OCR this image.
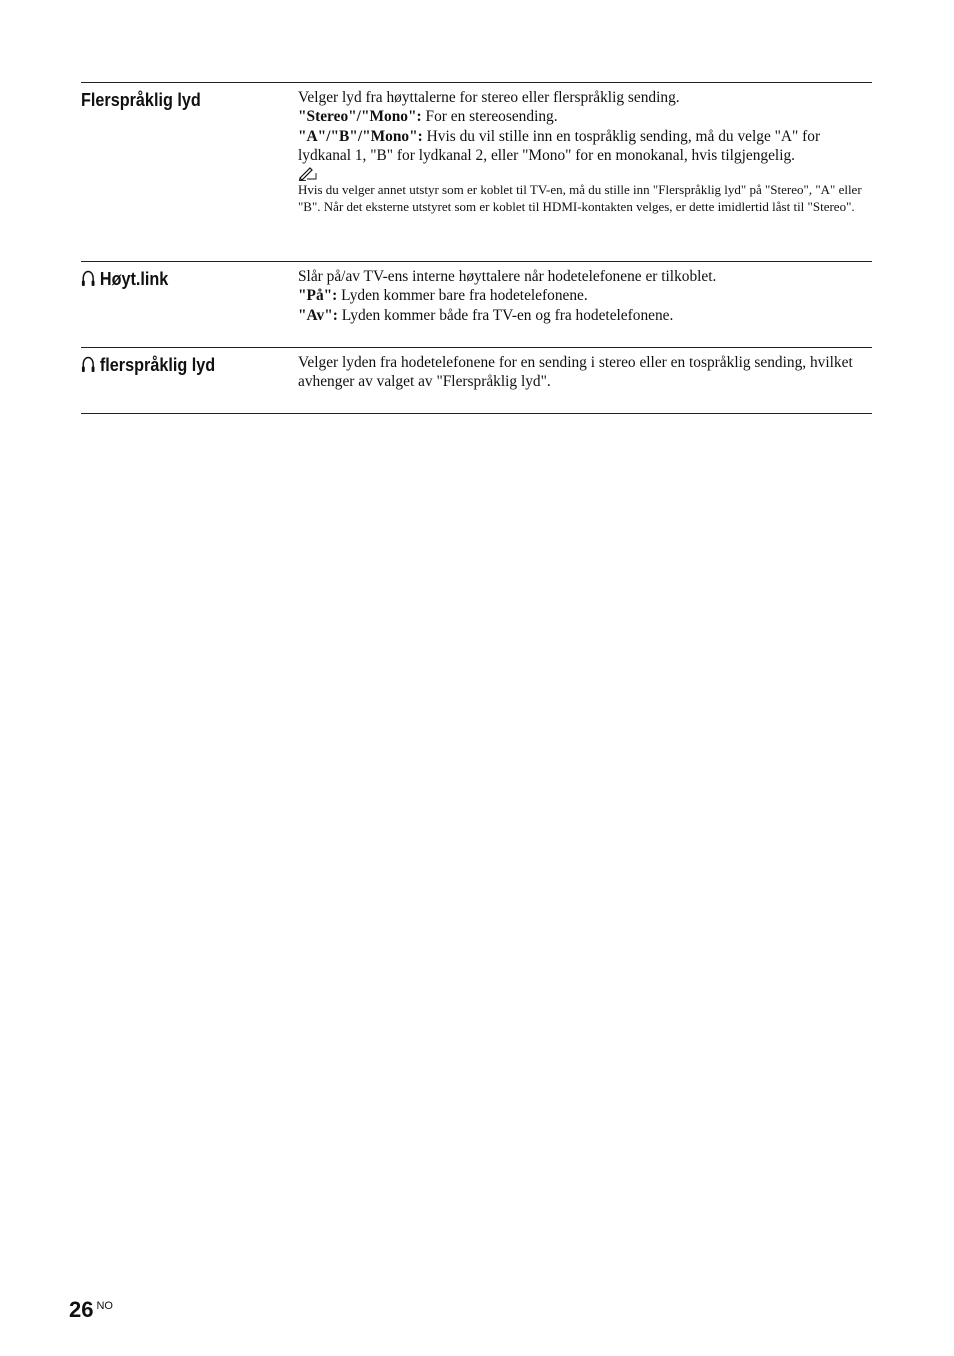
Flerspråklig lyd	Velger lyd fra høyttalerne for stereo eller flerspråklig sending.

"Stereo"/"Mono": For en stereosending.

"A"/"B"/"Mono": Hvis du vil stille inn en tospråklig sending, må du velge "A" for lydkanal 1, "B" for lydkanal 2, eller "Mono" for en monokanal, hvis tilgjengelig.

Hvis du velger annet utstyr som er koblet til TV-en, må du stille inn "Flerspråklig lyd" på "Stereo", "A" eller "B". Når det eksterne utstyret som er koblet til HDMI-kontakten velges, er dette imidlertid låst til "Stereo".

Høyt.link	Slår på/av TV-ens interne høyttalere når hodetelefonene er tilkoblet.

"På": Lyden kommer bare fra hodetelefonene.

"Av": Lyden kommer både fra TV-en og fra hodetelefonene.

flerspråklig lyd	Velger lyden fra hodetelefonene for en sending i stereo eller en tospråklig sending, hvilket avhenger av valget av "Flerspråklig lyd".

26 $^{NO}$
